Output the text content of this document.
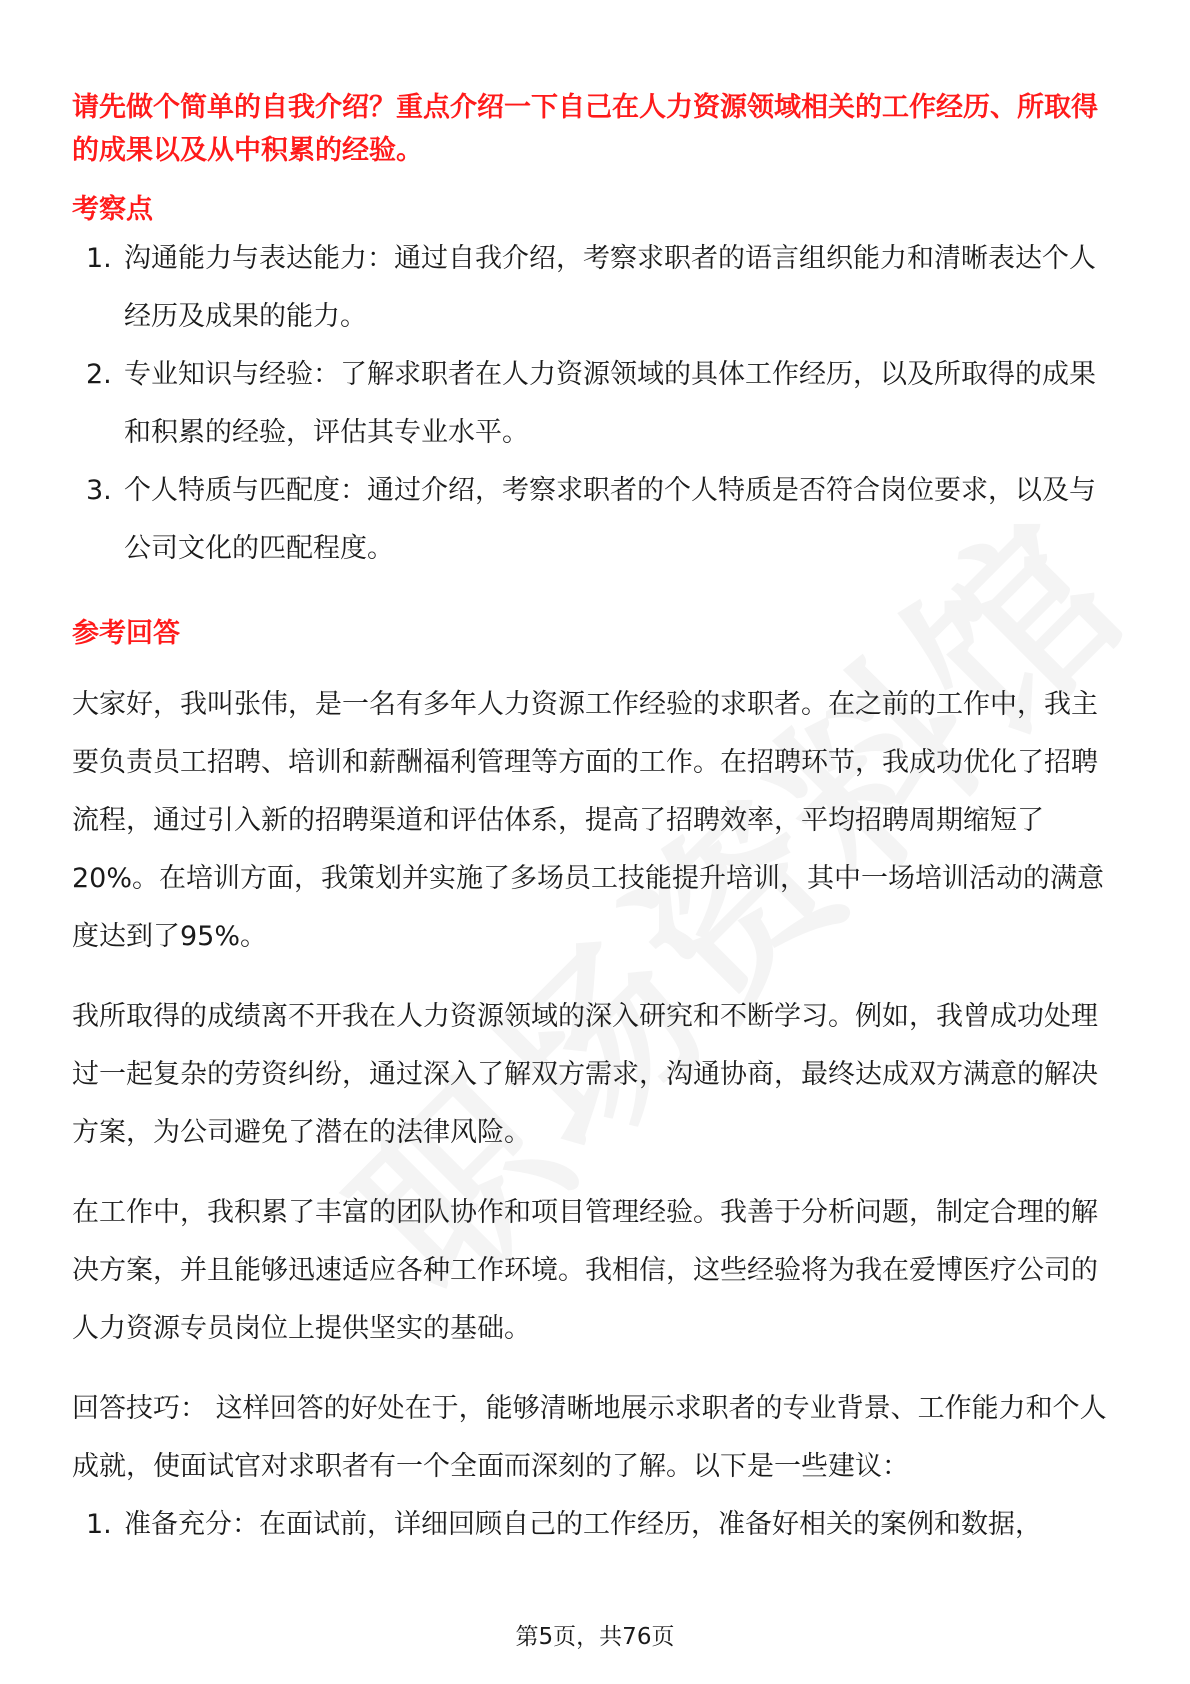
请先做个简单的自我介绍？重点介绍一下自己在人力资源领域相关的工作经历、所取得的成果以及从中积累的经验。

考察点

1. 沟通能力与表达能力：通过自我介绍，考察求职者的语言组织能力和清晰表达个人经历及成果的能力。
2. 专业知识与经验：了解求职者在人力资源领域的具体工作经历，以及所取得的成果和积累的经验，评估其专业水平。
3. 个人特质与匹配度：通过介绍，考察求职者的个人特质是否符合岗位要求，以及与公司文化的匹配程度。

参考回答

大家好，我叫张伟，是一名有多年人力资源工作经验的求职者。在之前的工作中，我主要负责员工招聘、培训和薪酬福利管理等方面的工作。在招聘环节，我成功优化了招聘流程，通过引入新的招聘渠道和评估体系，提高了招聘效率，平均招聘周期缩短了20%。在培训方面，我策划并实施了多场员工技能提升培训，其中一场培训活动的满意度达到了95%。

我所取得的成绩离不开我在人力资源领域的深入研究和不断学习。例如，我曾成功处理过一起复杂的劳资纠纷，通过深入了解双方需求，沟通协商，最终达成双方满意的解决方案，为公司避免了潜在的法律风险。

在工作中，我积累了丰富的团队协作和项目管理经验。我善于分析问题，制定合理的解决方案，并且能够迅速适应各种工作环境。我相信，这些经验将为我在爱博医疗公司的人力资源专员岗位上提供坚实的基础。

回答技巧： 这样回答的好处在于，能够清晰地展示求职者的专业背景、工作能力和个人成就，使面试官对求职者有一个全面而深刻的了解。以下是一些建议：

1. 准备充分：在面试前，详细回顾自己的工作经历，准备好相关的案例和数据，
第5页，共76页
